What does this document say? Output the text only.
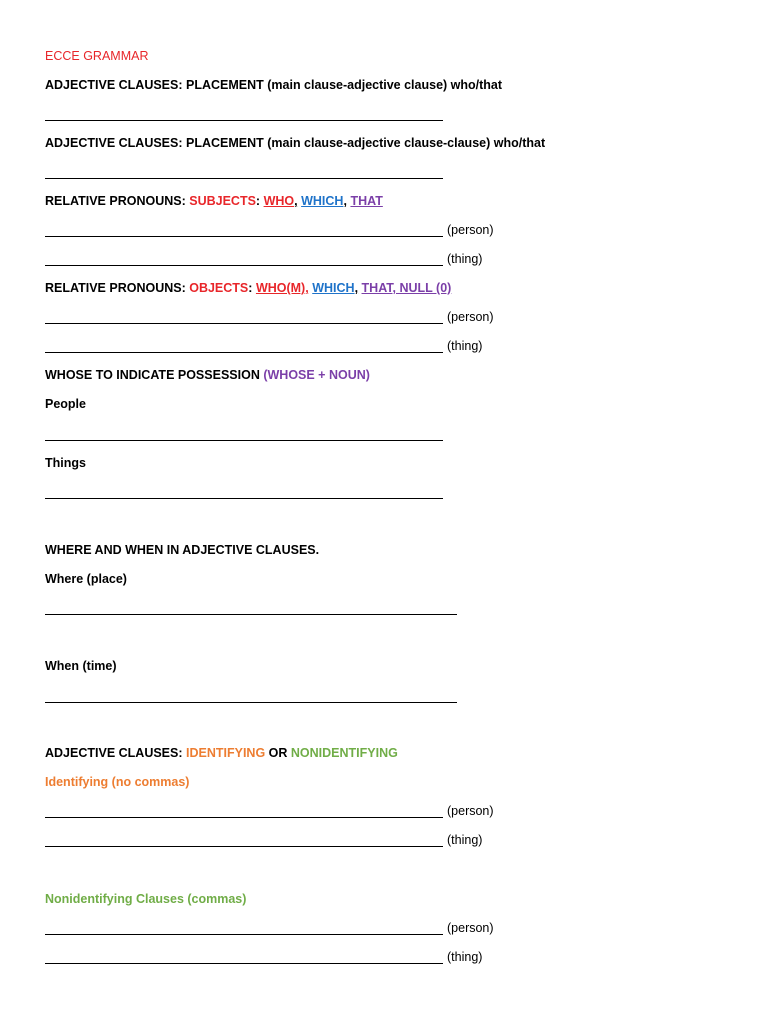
ECCE GRAMMAR
ADJECTIVE CLAUSES: PLACEMENT (main clause-adjective clause) who/that
ADJECTIVE CLAUSES: PLACEMENT (main clause-adjective clause-clause) who/that
RELATIVE PRONOUNS: SUBJECTS: WHO, WHICH, THAT
(person)
(thing)
RELATIVE PRONOUNS: OBJECTS: WHO(M), WHICH, THAT, NULL (0)
(person)
(thing)
WHOSE TO INDICATE POSSESSION (WHOSE + NOUN)
People
Things
WHERE AND WHEN IN ADJECTIVE CLAUSES.
Where (place)
When (time)
ADJECTIVE CLAUSES: IDENTIFYING OR NONIDENTIFYING
Identifying (no commas)
(person)
(thing)
Nonidentifying Clauses (commas)
(person)
(thing)
